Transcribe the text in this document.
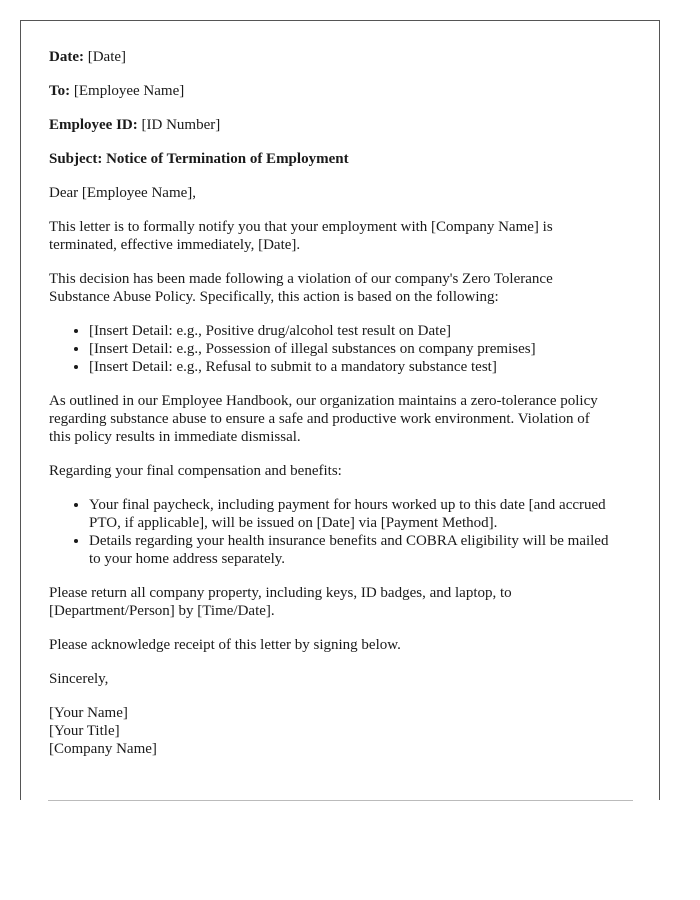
Date: [Date]
To: [Employee Name]
Employee ID: [ID Number]
Subject: Notice of Termination of Employment

Dear [Employee Name],

This letter is to formally notify you that your employment with [Company Name] is terminated, effective immediately, [Date].

This decision has been made following a violation of our company's Zero Tolerance Substance Abuse Policy. Specifically, this action is based on the following:

• [Insert Detail: e.g., Positive drug/alcohol test result on Date]
• [Insert Detail: e.g., Possession of illegal substances on company premises]
• [Insert Detail: e.g., Refusal to submit to a mandatory substance test]

As outlined in our Employee Handbook, our organization maintains a zero-tolerance policy regarding substance abuse to ensure a safe and productive work environment. Violation of this policy results in immediate dismissal.

Regarding your final compensation and benefits:

• Your final paycheck, including payment for hours worked up to this date [and accrued PTO, if applicable], will be issued on [Date] via [Payment Method].
• Details regarding your health insurance benefits and COBRA eligibility will be mailed to your home address separately.

Please return all company property, including keys, ID badges, and laptop, to [Department/Person] by [Time/Date].

Please acknowledge receipt of this letter by signing below.

Sincerely,

[Your Name]
[Your Title]
[Company Name]
